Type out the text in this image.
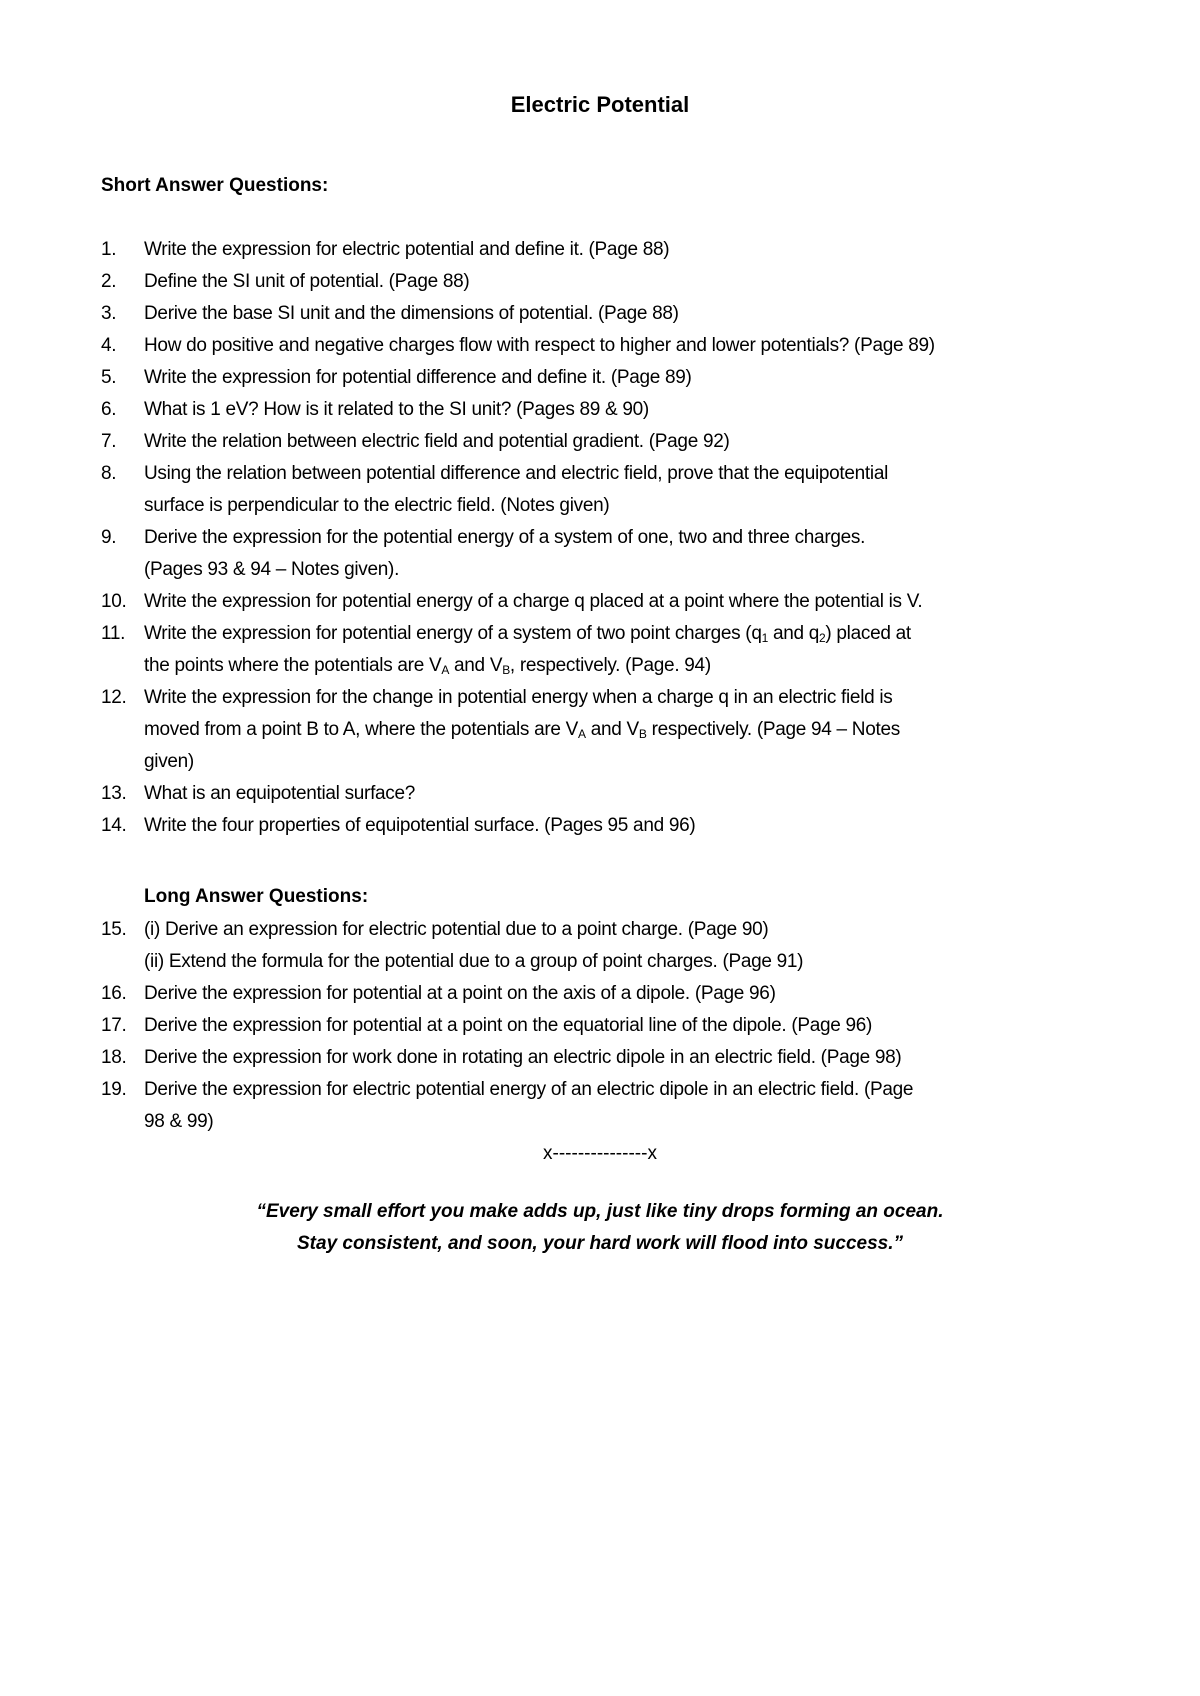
Electric Potential
Short Answer Questions:
1. Write the expression for electric potential and define it. (Page 88)
2. Define the SI unit of potential. (Page 88)
3. Derive the base SI unit and the dimensions of potential. (Page 88)
4. How do positive and negative charges flow with respect to higher and lower potentials? (Page 89)
5. Write the expression for potential difference and define it. (Page 89)
6. What is 1 eV? How is it related to the SI unit? (Pages 89 & 90)
7. Write the relation between electric field and potential gradient. (Page 92)
8. Using the relation between potential difference and electric field, prove that the equipotential
surface is perpendicular to the electric field. (Notes given)
9. Derive the expression for the potential energy of a system of one, two and three charges.
(Pages 93 & 94 – Notes given).
10. Write the expression for potential energy of a charge q placed at a point where the potential is V.
11. Write the expression for potential energy of a system of two point charges ($q_1$ and $q_2$) placed at
the points where the potentials are $V_A$ and $V_B$, respectively. (Page. 94)
12. Write the expression for the change in potential energy when a charge q in an electric field is
moved from a point B to A, where the potentials are $V_A$ and $V_B$ respectively. (Page 94 – Notes
given)
13. What is an equipotential surface?
14. Write the four properties of equipotential surface. (Pages 95 and 96)
Long Answer Questions:
15. (i) Derive an expression for electric potential due to a point charge. (Page 90)
(ii) Extend the formula for the potential due to a group of point charges. (Page 91)
16. Derive the expression for potential at a point on the axis of a dipole. (Page 96)
17. Derive the expression for potential at a point on the equatorial line of the dipole. (Page 96)
18. Derive the expression for work done in rotating an electric dipole in an electric field. (Page 98)
19. Derive the expression for electric potential energy of an electric dipole in an electric field. (Page
98 & 99)
x---------------x
“Every small effort you make adds up, just like tiny drops forming an ocean.
Stay consistent, and soon, your hard work will flood into success.”
